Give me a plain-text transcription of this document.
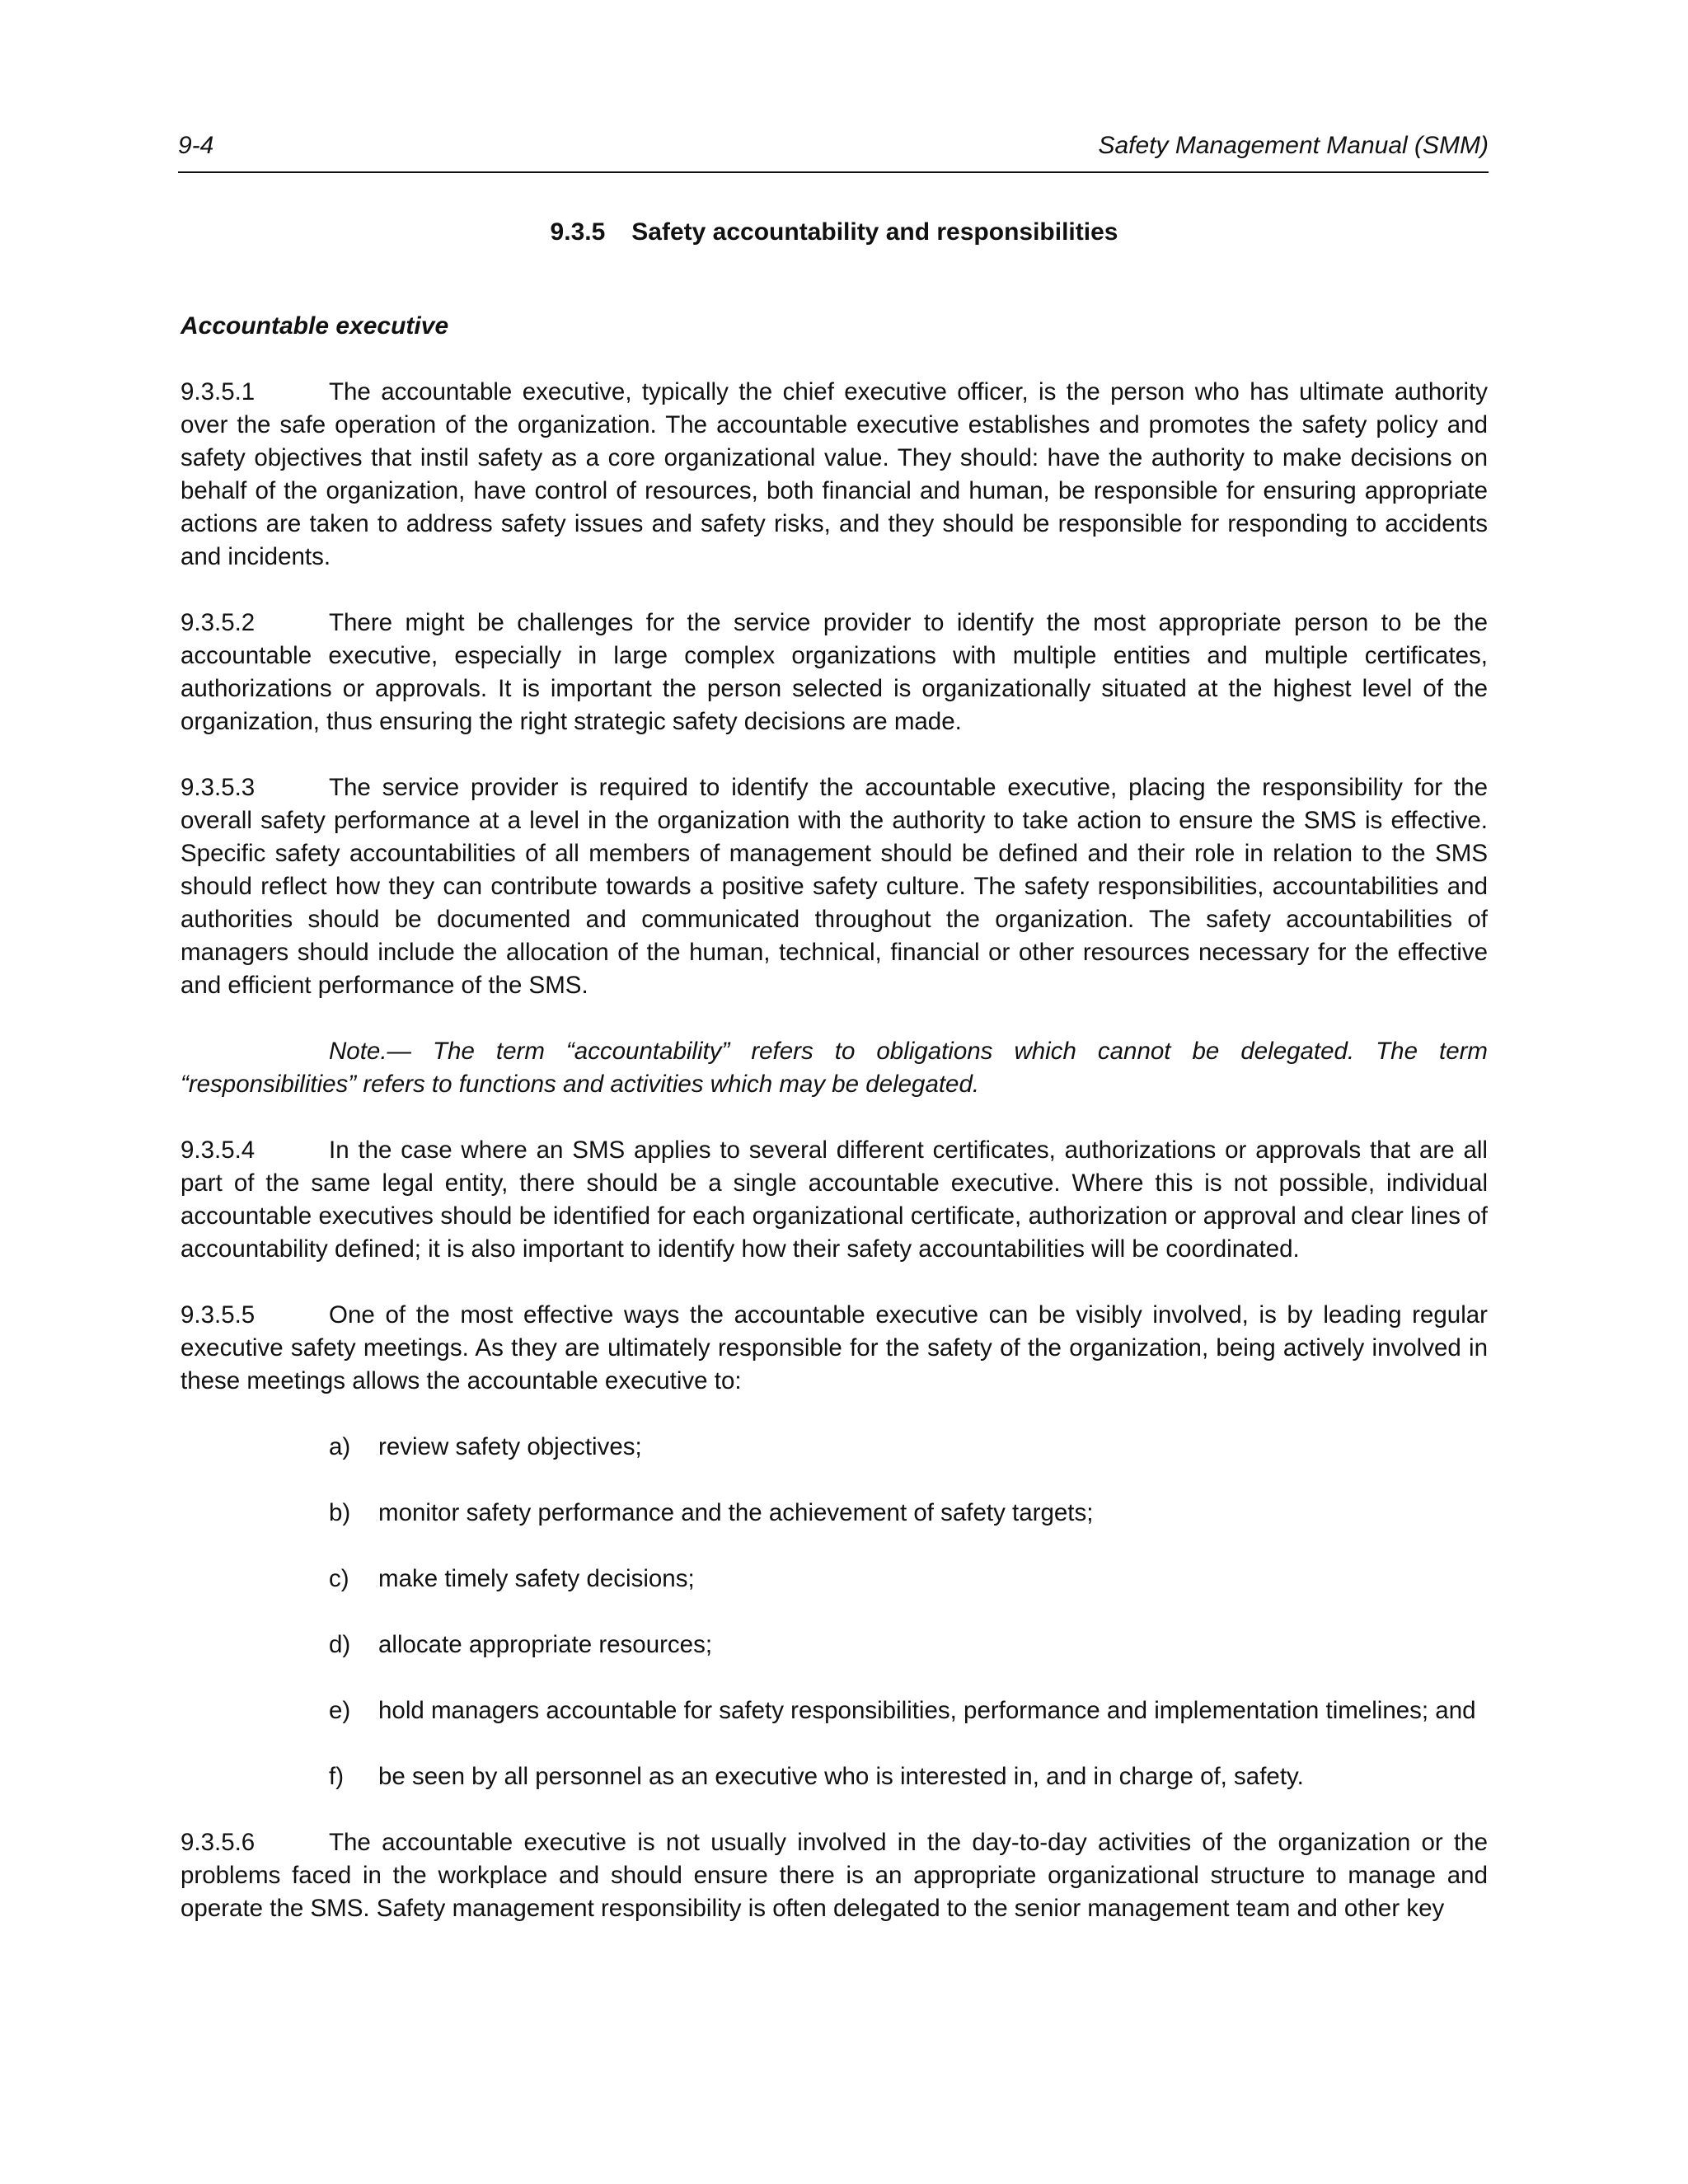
9-4	Safety Management Manual (SMM)
9.3.5 Safety accountability and responsibilities
Accountable executive

9.3.5.1	The accountable executive, typically the chief executive officer, is the person who has ultimate authority over the safe operation of the organization. The accountable executive establishes and promotes the safety policy and safety objectives that instil safety as a core organizational value. They should: have the authority to make decisions on behalf of the organization, have control of resources, both financial and human, be responsible for ensuring appropriate actions are taken to address safety issues and safety risks, and they should be responsible for responding to accidents and incidents.

9.3.5.2	There might be challenges for the service provider to identify the most appropriate person to be the accountable executive, especially in large complex organizations with multiple entities and multiple certificates, authorizations or approvals. It is important the person selected is organizationally situated at the highest level of the organization, thus ensuring the right strategic safety decisions are made.

9.3.5.3	The service provider is required to identify the accountable executive, placing the responsibility for the overall safety performance at a level in the organization with the authority to take action to ensure the SMS is effective. Specific safety accountabilities of all members of management should be defined and their role in relation to the SMS should reflect how they can contribute towards a positive safety culture. The safety responsibilities, accountabilities and authorities should be documented and communicated throughout the organization. The safety accountabilities of managers should include the allocation of the human, technical, financial or other resources necessary for the effective and efficient performance of the SMS.

Note.— The term “accountability” refers to obligations which cannot be delegated. The term “responsibilities” refers to functions and activities which may be delegated.

9.3.5.4	In the case where an SMS applies to several different certificates, authorizations or approvals that are all part of the same legal entity, there should be a single accountable executive. Where this is not possible, individual accountable executives should be identified for each organizational certificate, authorization or approval and clear lines of accountability defined; it is also important to identify how their safety accountabilities will be coordinated.

9.3.5.5	One of the most effective ways the accountable executive can be visibly involved, is by leading regular executive safety meetings. As they are ultimately responsible for the safety of the organization, being actively involved in these meetings allows the accountable executive to:

a) review safety objectives;
b) monitor safety performance and the achievement of safety targets;
c) make timely safety decisions;
d) allocate appropriate resources;
e) hold managers accountable for safety responsibilities, performance and implementation timelines; and
f) be seen by all personnel as an executive who is interested in, and in charge of, safety.

9.3.5.6	The accountable executive is not usually involved in the day-to-day activities of the organization or the problems faced in the workplace and should ensure there is an appropriate organizational structure to manage and operate the SMS. Safety management responsibility is often delegated to the senior management team and other key
